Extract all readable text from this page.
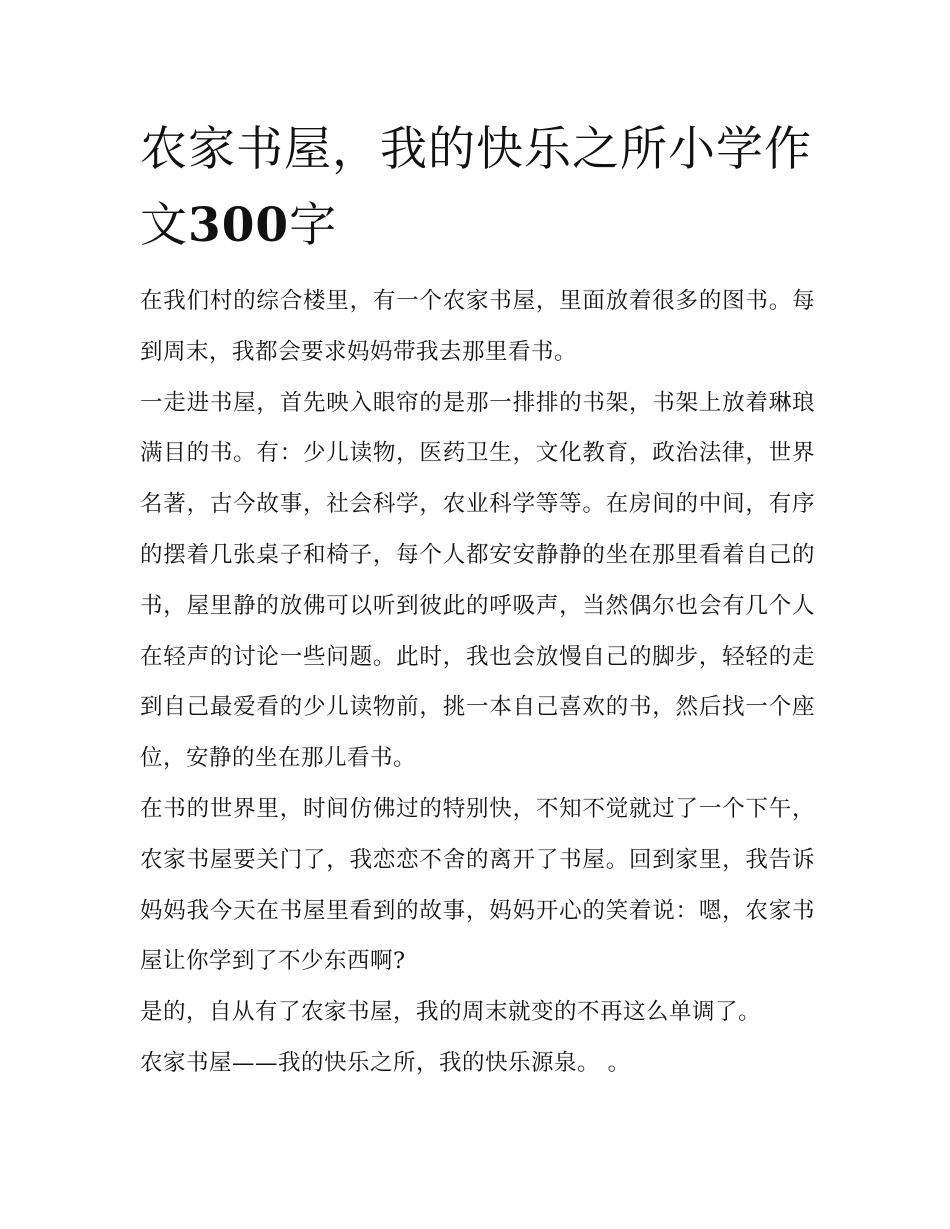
农家书屋，我的快乐之所小学作文300字

在我们村的综合楼里，有一个农家书屋，里面放着很多的图书。每到周末，我都会要求妈妈带我去那里看书。

一走进书屋，首先映入眼帘的是那一排排的书架，书架上放着琳琅满目的书。有：少儿读物，医药卫生，文化教育，政治法律，世界名著，古今故事，社会科学，农业科学等等。在房间的中间，有序的摆着几张桌子和椅子，每个人都安安静静的坐在那里看着自己的书，屋里静的放佛可以听到彼此的呼吸声，当然偶尔也会有几个人在轻声的讨论一些问题。此时，我也会放慢自己的脚步，轻轻的走到自己最爱看的少儿读物前，挑一本自己喜欢的书，然后找一个座位，安静的坐在那儿看书。

在书的世界里，时间仿佛过的特别快，不知不觉就过了一个下午，农家书屋要关门了，我恋恋不舍的离开了书屋。回到家里，我告诉妈妈我今天在书屋里看到的故事，妈妈开心的笑着说：嗯，农家书屋让你学到了不少东西啊?

是的，自从有了农家书屋，我的周末就变的不再这么单调了。

农家书屋——我的快乐之所，我的快乐源泉。 。
